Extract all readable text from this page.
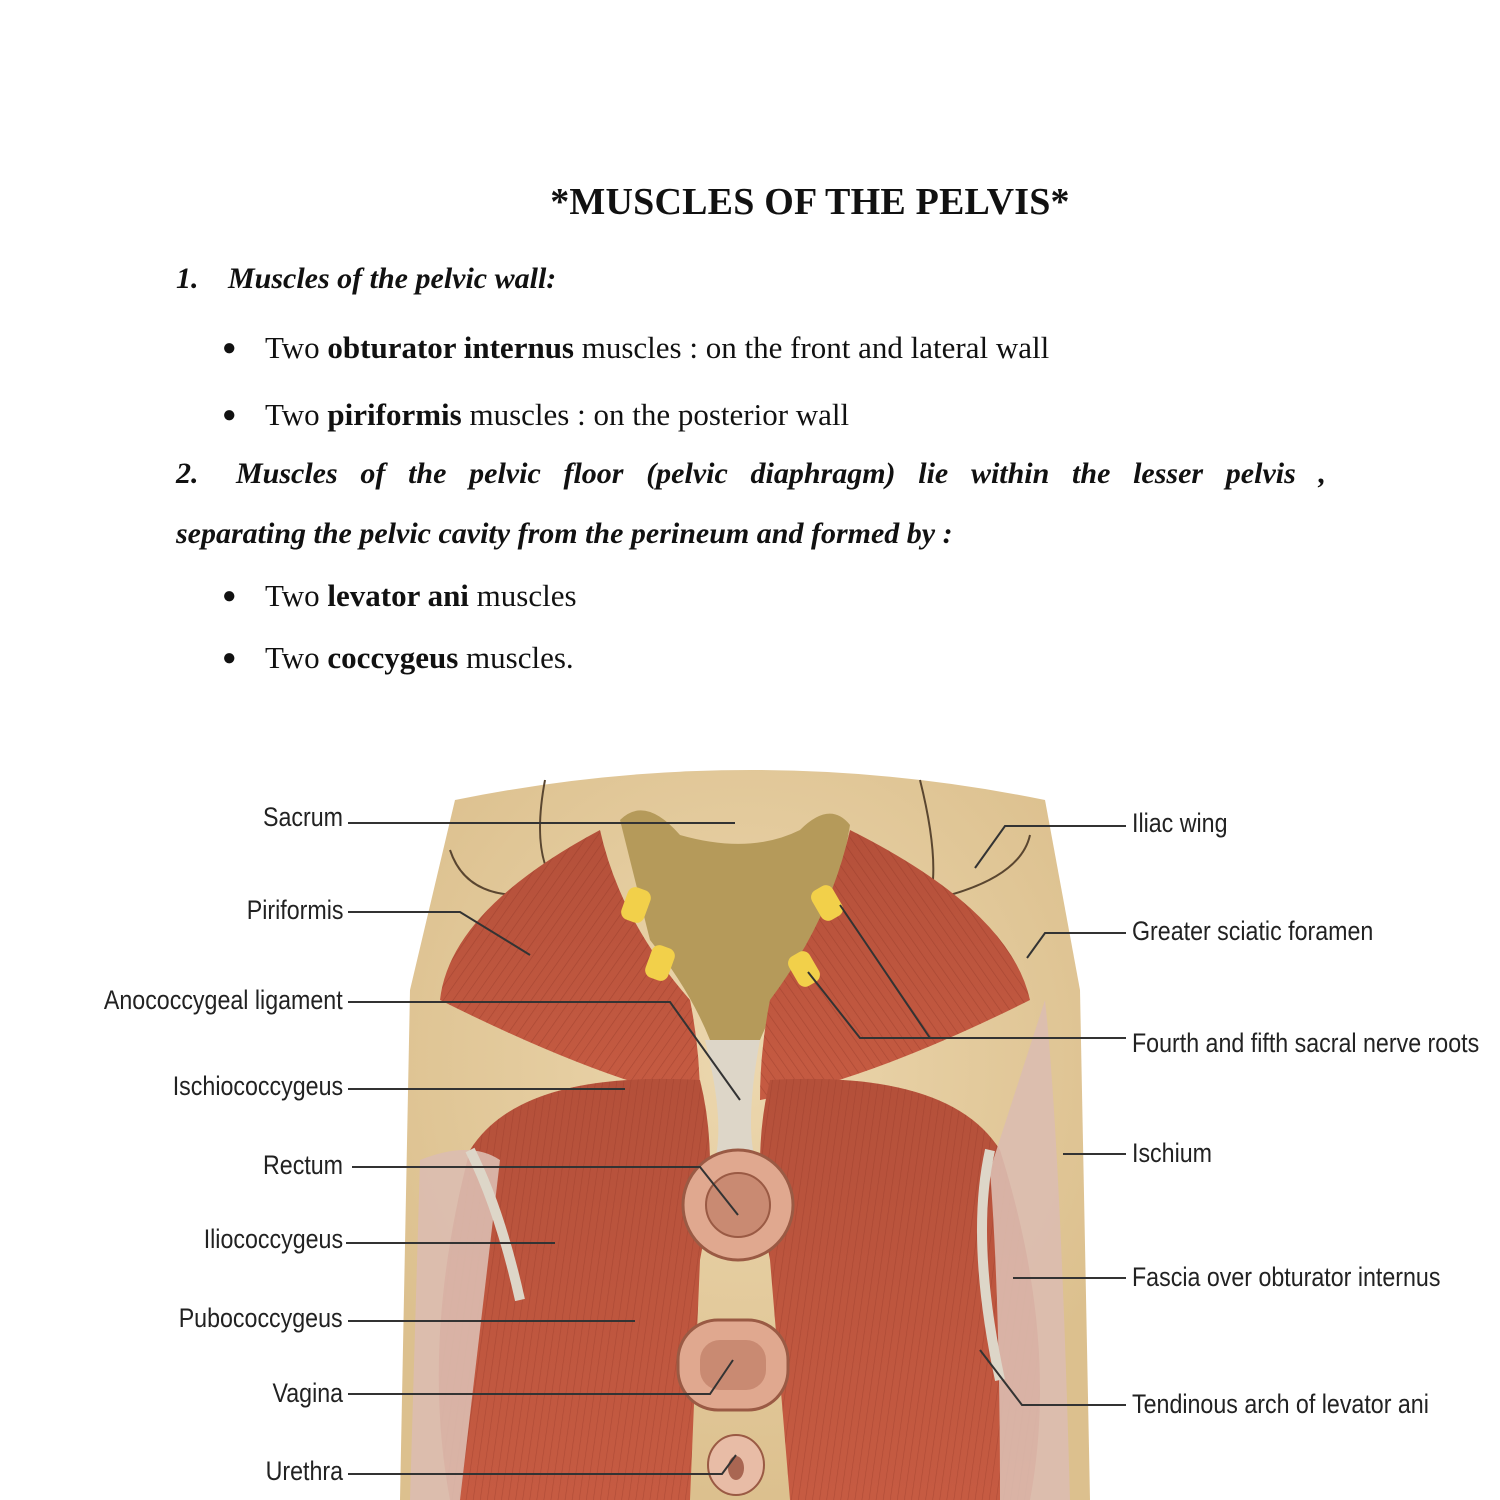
*MUSCLES OF THE PELVIS*
1. Muscles of the pelvic wall:
● Two obturator internus muscles : on the front and lateral wall
● Two piriformis muscles : on the posterior wall
2. Muscles of the pelvic floor (pelvic diaphragm) lie within the lesser pelvis ,
separating the pelvic cavity from the perineum and formed by :
● Two levator ani muscles
● Two coccygeus muscles.
Sacrum
Piriformis
Anococcygeal ligament
Ischiococcygeus
Rectum
Iliococcygeus
Pubococcygeus
Vagina
Urethra
Iliac wing
Greater sciatic foramen
Fourth and fifth sacral nerve roots
Ischium
Fascia over obturator internus
Tendinous arch of levator ani
